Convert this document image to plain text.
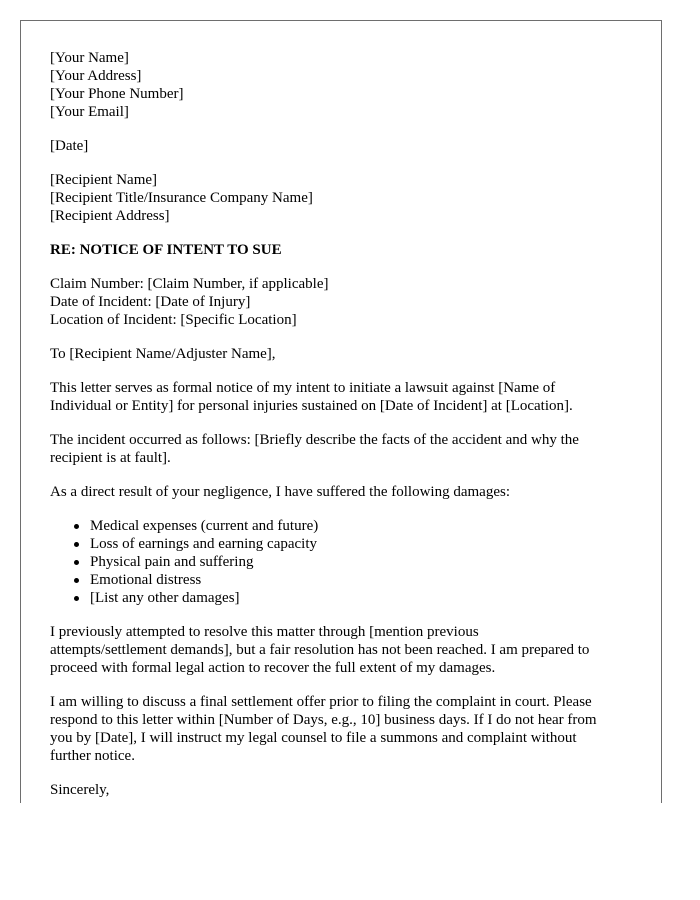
[Your Name]
[Your Address]
[Your Phone Number]
[Your Email]
[Date]
[Recipient Name]
[Recipient Title/Insurance Company Name]
[Recipient Address]
RE: NOTICE OF INTENT TO SUE
Claim Number: [Claim Number, if applicable]
Date of Incident: [Date of Injury]
Location of Incident: [Specific Location]
To [Recipient Name/Adjuster Name],

This letter serves as formal notice of my intent to initiate a lawsuit against [Name of
Individual or Entity] for personal injuries sustained on [Date of Incident] at [Location].

The incident occurred as follows: [Briefly describe the facts of the accident and why the
recipient is at fault].

As a direct result of your negligence, I have suffered the following damages:

Medical expenses (current and future)
Loss of earnings and earning capacity
Physical pain and suffering
Emotional distress
[List any other damages]

I previously attempted to resolve this matter through [mention previous
attempts/settlement demands], but a fair resolution has not been reached. I am prepared to
proceed with formal legal action to recover the full extent of my damages.

I am willing to discuss a final settlement offer prior to filing the complaint in court. Please
respond to this letter within [Number of Days, e.g., 10] business days. If I do not hear from
you by [Date], I will instruct my legal counsel to file a summons and complaint without
further notice.

Sincerely,
